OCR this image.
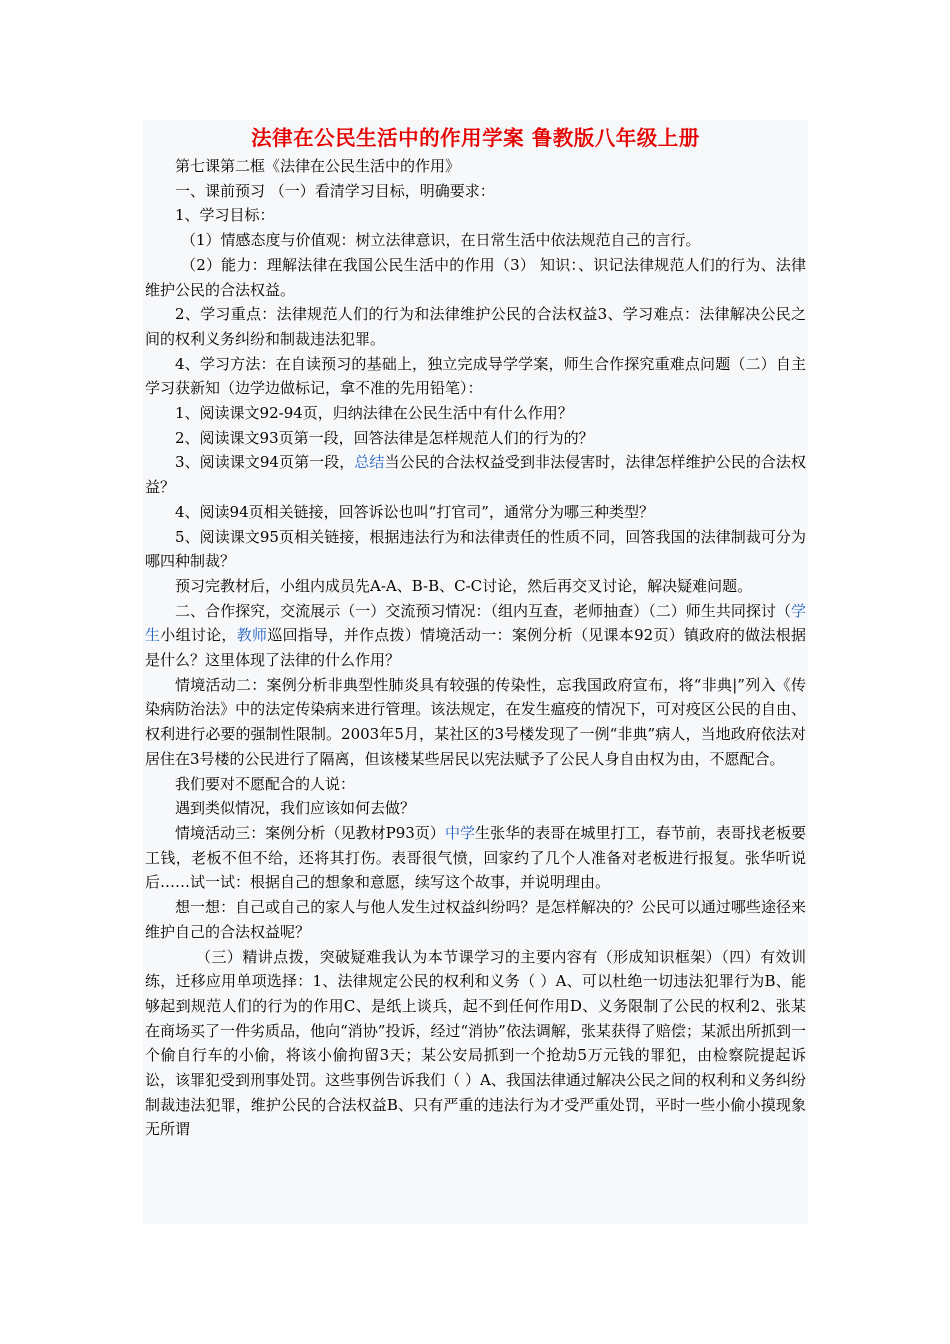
法律在公民生活中的作用学案 鲁教版八年级上册

第七课第二框《法律在公民生活中的作用》

一、课前预习 （一）看清学习目标，明确要求：

1、学习目标：

（1）情感态度与价值观：树立法律意识，在日常生活中依法规范自己的言行。

（2）能力：理解法律在我国公民生活中的作用（3） 知识：、识记法律规范人们的行为、法律维护公民的合法权益。

2、学习重点：法律规范人们的行为和法律维护公民的合法权益3、学习难点：法律解决公民之间的权利义务纠纷和制裁违法犯罪。

4、学习方法：在自读预习的基础上，独立完成导学学案，师生合作探究重难点问题（二）自主学习获新知（边学边做标记，拿不准的先用铅笔）：

1、阅读课文92-94页，归纳法律在公民生活中有什么作用？

2、阅读课文93页第一段，回答法律是怎样规范人们的行为的？

3、阅读课文94页第一段，总结当公民的合法权益受到非法侵害时，法律怎样维护公民的合法权益？

4、阅读94页相关链接，回答诉讼也叫“打官司”，通常分为哪三种类型？

5、阅读课文95页相关链接，根据违法行为和法律责任的性质不同，回答我国的法律制裁可分为哪四种制裁？

预习完教材后，小组内成员先A-A、B-B、C-C讨论，然后再交叉讨论，解决疑难问题。

二、合作探究，交流展示（一）交流预习情况：（组内互查，老师抽查）（二）师生共同探讨（学生小组讨论，教师巡回指导，并作点拨）情境活动一：案例分析（见课本92页）镇政府的做法根据是什么？这里体现了法律的什么作用？

情境活动二：案例分析非典型性肺炎具有较强的传染性，忘我国政府宣布，将“非典|”列入《传染病防治法》中的法定传染病来进行管理。该法规定，在发生瘟疫的情况下，可对疫区公民的自由、权利进行必要的强制性限制。2003年5月，某社区的3号楼发现了一例“非典”病人，当地政府依法对居住在3号楼的公民进行了隔离，但该楼某些居民以宪法赋予了公民人身自由权为由，不愿配合。

我们要对不愿配合的人说：

遇到类似情况，我们应该如何去做？

情境活动三：案例分析（见教材P93页）中学生张华的表哥在城里打工，春节前，表哥找老板要工钱，老板不但不给，还将其打伤。表哥很气愤，回家约了几个人准备对老板进行报复。张华听说后……试一试：根据自己的想象和意愿，续写这个故事，并说明理由。

想一想：自己或自己的家人与他人发生过权益纠纷吗？是怎样解决的？公民可以通过哪些途径来维护自己的合法权益呢？

（三）精讲点拨，突破疑难我认为本节课学习的主要内容有（形成知识框架）（四）有效训练，迁移应用单项选择：1、法律规定公民的权利和义务（ ）A、可以杜绝一切违法犯罪行为B、能够起到规范人们的行为的作用C、是纸上谈兵，起不到任何作用D、义务限制了公民的权利2、张某在商场买了一件劣质品，他向“消协”投诉，经过“消协”依法调解，张某获得了赔偿；某派出所抓到一个偷自行车的小偷，将该小偷拘留3天；某公安局抓到一个抢劫5万元钱的罪犯，由检察院提起诉讼，该罪犯受到刑事处罚。这些事例告诉我们（ ）A、我国法律通过解决公民之间的权利和义务纠纷制裁违法犯罪，维护公民的合法权益B、只有严重的违法行为才受严重处罚，平时一些小偷小摸现象无所谓
